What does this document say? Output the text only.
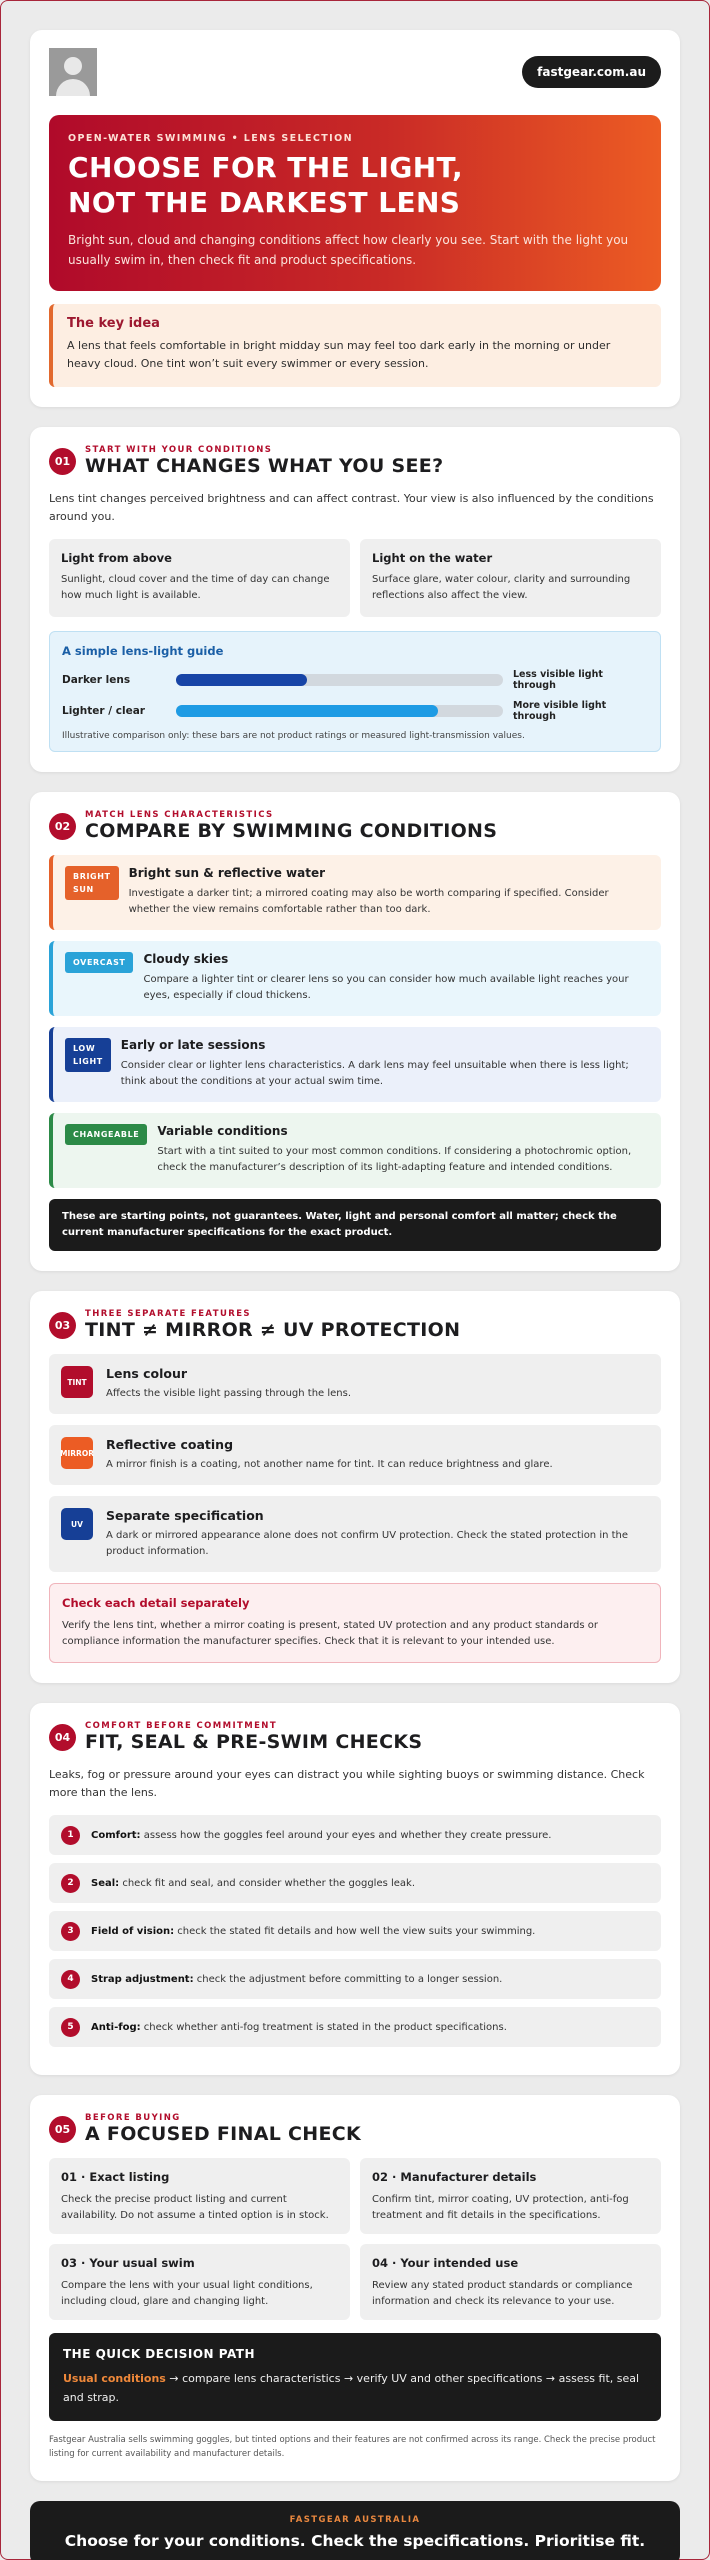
fastgear.com.au
OPEN-WATER SWIMMING • LENS SELECTION
CHOOSE FOR THE LIGHT,
NOT THE DARKEST LENS

Bright sun, cloud and changing conditions affect how clearly you see. Start with the light you usually swim in, then check fit and product specifications.

The key idea

A lens that feels comfortable in bright midday sun may feel too dark early in the morning or under heavy cloud. One tint won’t suit every swimmer or every session.

01
START WITH YOUR CONDITIONS
WHAT CHANGES WHAT YOU SEE?

Lens tint changes perceived brightness and can affect contrast. Your view is also influenced by the conditions around you.

Light from above

Sunlight, cloud cover and the time of day can change how much light is available.

Light on the water

Surface glare, water colour, clarity and surrounding reflections also affect the view.

A simple lens-light guide
Darker lens	Less visible light through
Lighter / clear	More visible light through

Illustrative comparison only: these bars are not product ratings or measured light-transmission values.

02
MATCH LENS CHARACTERISTICS
COMPARE BY SWIMMING CONDITIONS
BRIGHT
SUN
Bright sun & reflective water

Investigate a darker tint; a mirrored coating may also be worth comparing if specified. Consider whether the view remains comfortable rather than too dark.

OVERCAST	Cloudy skies

Compare a lighter tint or clearer lens so you can consider how much available light reaches your eyes, especially if cloud thickens.

LOW
LIGHT
Early or late sessions

Consider clear or lighter lens characteristics. A dark lens may feel unsuitable when there is less light; think about the conditions at your actual swim time.

CHANGEABLE	Variable conditions

Start with a tint suited to your most common conditions. If considering a photochromic option, check the manufacturer’s description of its light-adapting feature and intended conditions.

These are starting points, not guarantees. Water, light and personal comfort all matter; check the current manufacturer specifications for the exact product.
03
THREE SEPARATE FEATURES
TINT ≠ MIRROR ≠ UV PROTECTION
TINT
Lens colour

Affects the visible light passing through the lens.

MIRROR
Reflective coating

A mirror finish is a coating, not another name for tint. It can reduce brightness and glare.

UV
Separate specification

A dark or mirrored appearance alone does not confirm UV protection. Check the stated protection in the product information.

Check each detail separately

Verify the lens tint, whether a mirror coating is present, stated UV protection and any product standards or compliance information the manufacturer specifies. Check that it is relevant to your intended use.

04
COMFORT BEFORE COMMITMENT
FIT, SEAL & PRE-SWIM CHECKS

Leaks, fog or pressure around your eyes can distract you while sighting buoys or swimming distance. Check more than the lens.

1	Comfort: assess how the goggles feel around your eyes and whether they create pressure.

2	Seal: check fit and seal, and consider whether the goggles leak.

3	Field of vision: check the stated fit details and how well the view suits your swimming.

4	Strap adjustment: check the adjustment before committing to a longer session.

5	Anti-fog: check whether anti-fog treatment is stated in the product specifications.

05
BEFORE BUYING
A FOCUSED FINAL CHECK
01 · Exact listing

Check the precise product listing and current availability. Do not assume a tinted option is in stock.

02 · Manufacturer details

Confirm tint, mirror coating, UV protection, anti-fog treatment and fit details in the specifications.

03 · Your usual swim

Compare the lens with your usual light conditions, including cloud, glare and changing light.

04 · Your intended use

Review any stated product standards or compliance information and check its relevance to your use.

THE QUICK DECISION PATH

Usual conditions → compare lens characteristics → verify UV and other specifications → assess fit, seal and strap.

Fastgear Australia sells swimming goggles, but tinted options and their features are not confirmed across its range. Check the precise product listing for current availability and manufacturer details.

FASTGEAR AUSTRALIA
Choose for your conditions. Check the specifications. Prioritise fit.
